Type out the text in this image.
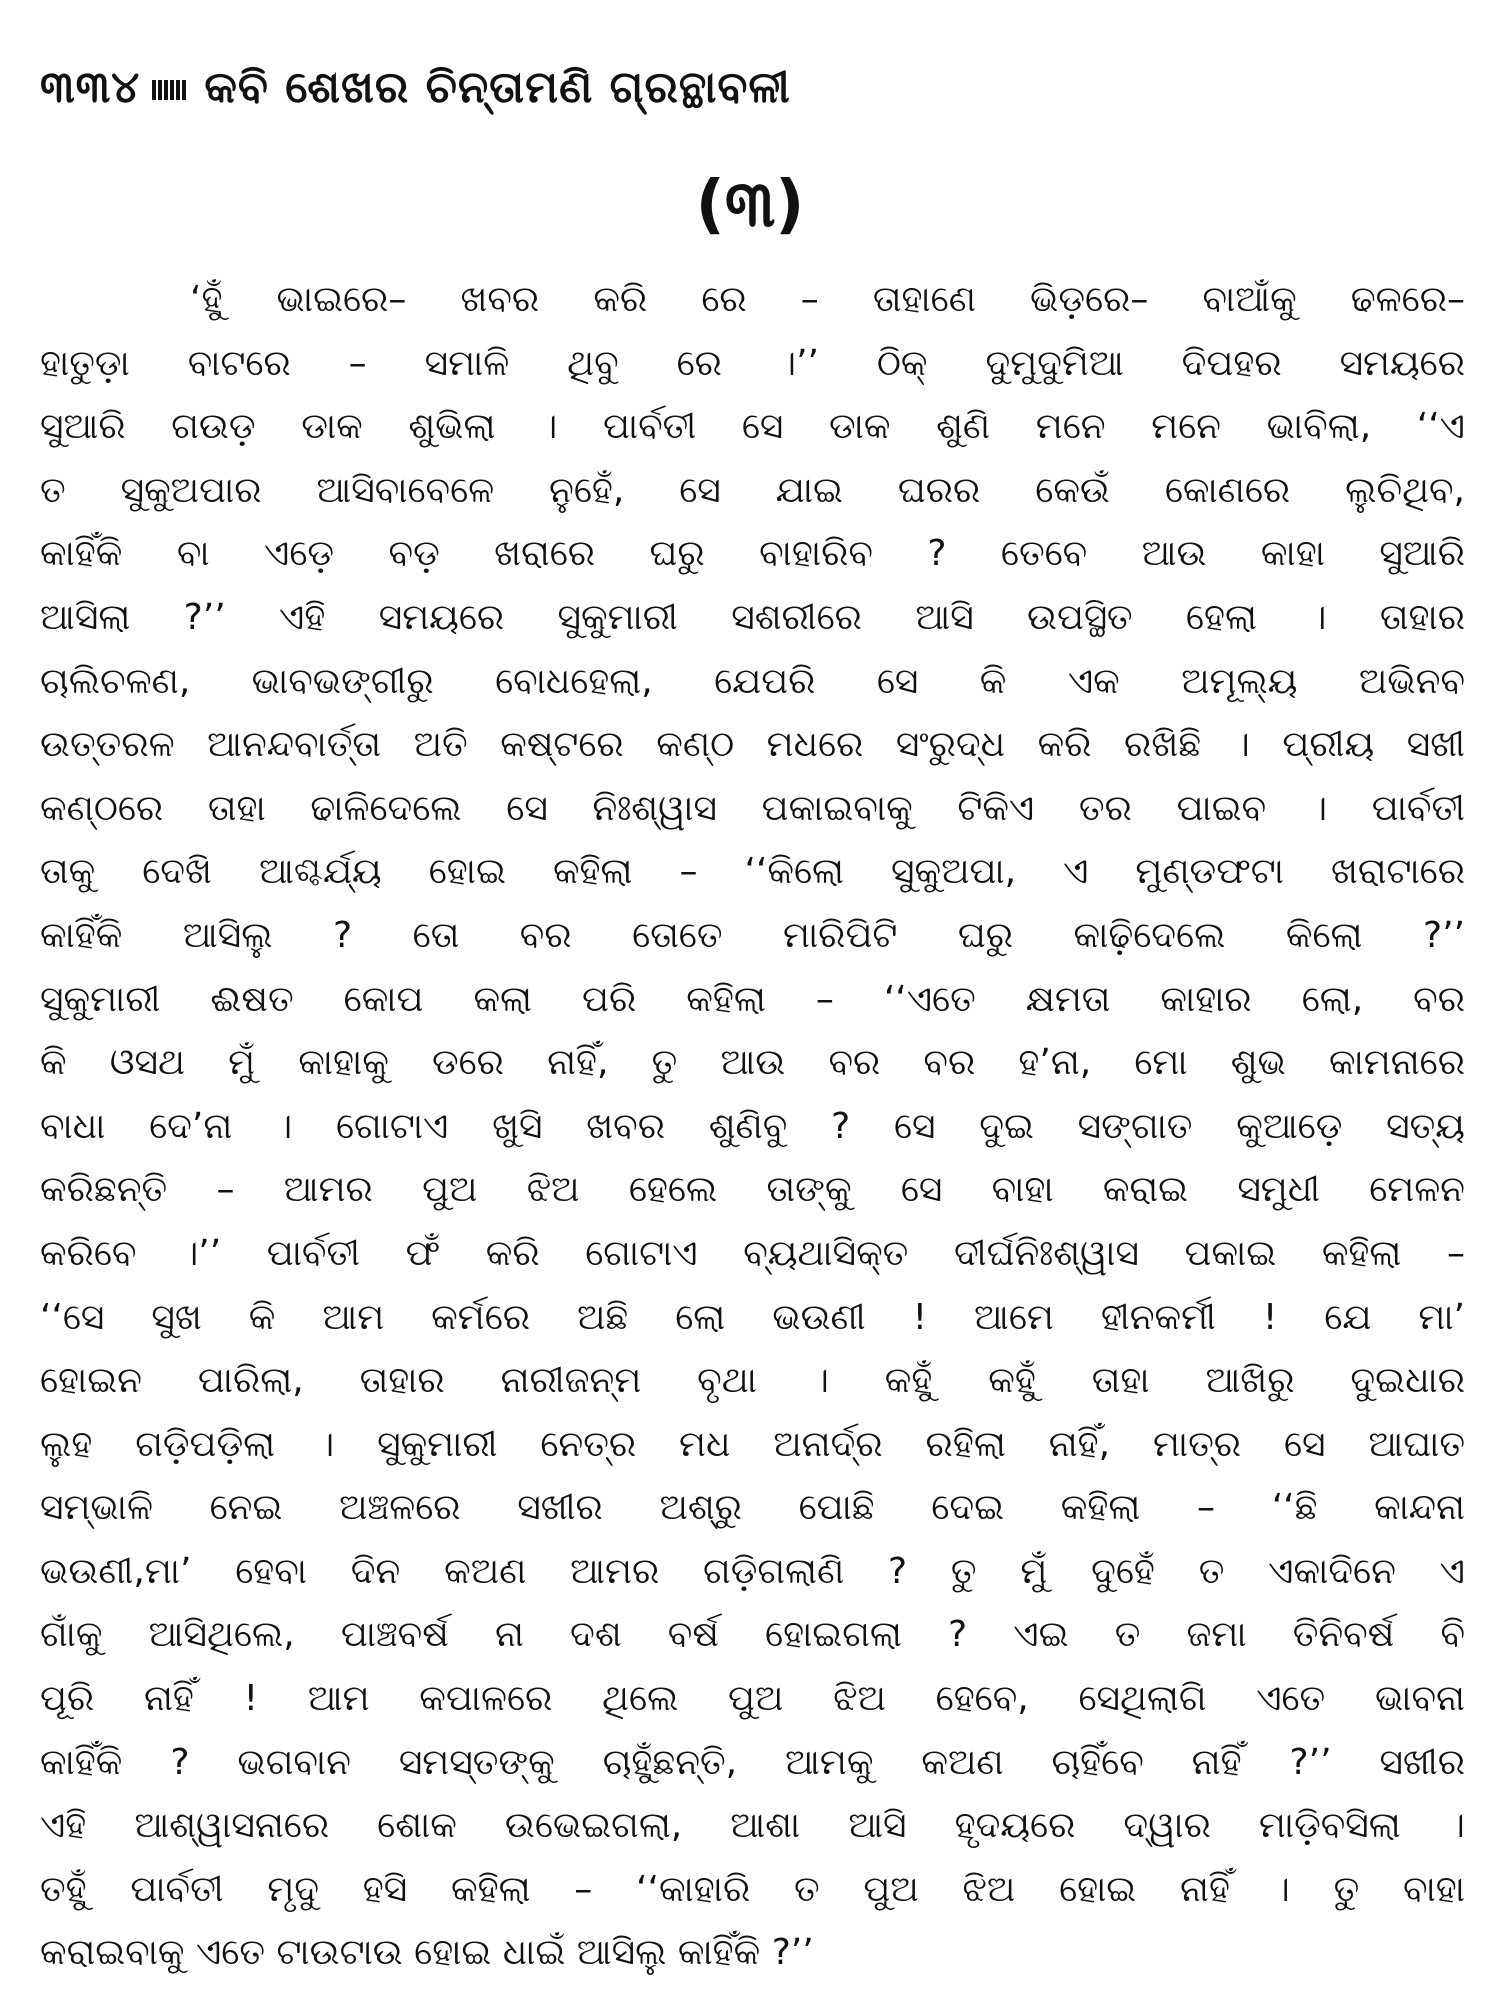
୩୩୪ କବି ଶେଖର ଚିନ୍ତାମଣି ଗ୍ରନ୍ଥାବଳୀ
(୩)
‘ହୁଁ ଭାଇରେ– ଖବର କରି ରେ – ତାହାଣେ ଭିଡ଼ରେ– ବାଆଁକୁ ଢଳରେ–
ହାତୁଡ଼ା ବାଟରେ – ସମାଳି ଥିବୁ ରେ ।’’ ଠିକ୍ ଦୁମୁଦୁମିଆ ଦିପହର ସମୟରେ
ସୁଆରି ଗଉଡ଼ ଡାକ ଶୁଭିଲା । ପାର୍ବତୀ ସେ ଡାକ ଶୁଣି ମନେ ମନେ ଭାବିଲା, ‘‘ଏ
ତ ସୁକୁଅପାର ଆସିବାବେଳେ ନୁହେଁ, ସେ ଯାଇ ଘରର କେଉଁ କୋଣରେ ଲୁଚିଥିବ,
କାହିଁକି ବା ଏଡ଼େ ବଡ଼ ଖରାରେ ଘରୁ ବାହାରିବ ? ତେବେ ଆଉ କାହା ସୁଆରି
ଆସିଲା ?’’ ଏହି ସମୟରେ ସୁକୁମାରୀ ସଶରୀରେ ଆସି ଉପସ୍ଥିତ ହେଲା । ତାହାର
ଚାଲିଚଳଣ, ଭାବଭଙ୍ଗୀରୁ ବୋଧହେଲା, ଯେପରି ସେ କି ଏକ ଅମୂଲ୍ୟ ଅଭିନବ
ଉତ୍ତରଳ ଆନନ୍ଦବାର୍ତ୍ତା ଅତି କଷ୍ଟରେ କଣ୍ଠ ମଧରେ ସଂରୁଦ୍ଧ କରି ରଖିଛି । ପ୍ରୀୟ ସଖୀ
କଣ୍ଠରେ ତାହା ଢାଳିଦେଲେ ସେ ନିଃଶ୍ୱାସ ପକାଇବାକୁ ଟିକିଏ ତର ପାଇବ । ପାର୍ବତୀ
ତାକୁ ଦେଖି ଆଶ୍ଚର୍ଯ୍ୟ ହୋଇ କହିଲା – ‘‘କିଲୋ ସୁକୁଅପା, ଏ ମୁଣ୍ଡଫଟା ଖରାଟାରେ
କାହିଁକି ଆସିଲୁ ? ତୋ ବର ତୋତେ ମାରିପିଟି ଘରୁ କାଢ଼ିଦେଲେ କିଲୋ ?’’
ସୁକୁମାରୀ ଈଷତ କୋପ କଲା ପରି କହିଲା – ‘‘ଏତେ କ୍ଷମତା କାହାର ଲୋ, ବର
କି ଓସଥ ମୁଁ କାହାକୁ ଡରେ ନାହିଁ, ତୁ ଆଉ ବର ବର ହ’ନା, ମୋ ଶୁଭ କାମନାରେ
ବାଧା ଦେ’ନା । ଗୋଟାଏ ଖୁସି ଖବର ଶୁଣିବୁ ? ସେ ଦୁଇ ସଙ୍ଗାତ କୁଆଡ଼େ ସତ୍ୟ
କରିଛନ୍ତି – ଆମର ପୁଅ ଝିଅ ହେଲେ ତାଙ୍କୁ ସେ ବାହା କରାଇ ସମୁଧୀ ମେଳନ
କରିବେ ।’’ ପାର୍ବତୀ ଫଁ କରି ଗୋଟାଏ ବ୍ୟଥାସିକ୍ତ ଦୀର୍ଘନିଃଶ୍ୱାସ ପକାଇ କହିଲା –
‘‘ସେ ସୁଖ କି ଆମ କର୍ମରେ ଅଛି ଲୋ ଭଉଣୀ ! ଆମେ ହୀନକର୍ମୀ ! ଯେ ମା’
ହୋଇନ ପାରିଲା, ତାହାର ନାରୀଜନ୍ମ ବୃଥା । କହୁଁ କହୁଁ ତାହା ଆଖିରୁ ଦୁଇଧାର
ଲୁହ ଗଡ଼ିପଡ଼ିଲା । ସୁକୁମାରୀ ନେତ୍ର ମଧ ଅନାର୍ଦ୍ର ରହିଲା ନାହିଁ, ମାତ୍ର ସେ ଆଘାତ
ସମ୍ଭାଳି ନେଇ ଅଞ୍ଚଳରେ ସଖୀର ଅଶ୍ରୁ ପୋଛି ଦେଇ କହିଲା – ‘‘ଛି କାନ୍ଦନା
ଭଉଣୀ,ମା’ ହେବା ଦିନ କଅଣ ଆମର ଗଡ଼ିଗଲାଣି ? ତୁ ମୁଁ ଦୁହେଁ ତ ଏକାଦିନେ ଏ
ଗାଁକୁ ଆସିଥିଲେ, ପାଞ୍ଚବର୍ଷ ନା ଦଶ ବର୍ଷ ହୋଇଗଲା ? ଏଇ ତ ଜମା ତିନିବର୍ଷ ବି
ପୂରି ନାହିଁ ! ଆମ କପାଳରେ ଥିଲେ ପୁଅ ଝିଅ ହେବେ, ସେଥିଲାଗି ଏତେ ଭାବନା
କାହିଁକି ? ଭଗବାନ ସମସ୍ତଙ୍କୁ ଚାହୁଁଛନ୍ତି, ଆମକୁ କଅଣ ଚାହିଁବେ ନାହିଁ ?’’ ସଖୀର
ଏହି ଆଶ୍ୱାସନାରେ ଶୋକ ଉଭେଇଗଲା, ଆଶା ଆସି ହୃଦୟରେ ଦ୍ୱାର ମାଡ଼ିବସିଲା ।
ତହୁଁ ପାର୍ବତୀ ମୃଦୁ ହସି କହିଲା – ‘‘କାହାରି ତ ପୁଅ ଝିଅ ହୋଇ ନାହିଁ । ତୁ ବାହା
କରାଇବାକୁ ଏତେ ଟାଉଟାଉ ହୋଇ ଧାଇଁ ଆସିଲୁ କାହିଁକି ?’’
